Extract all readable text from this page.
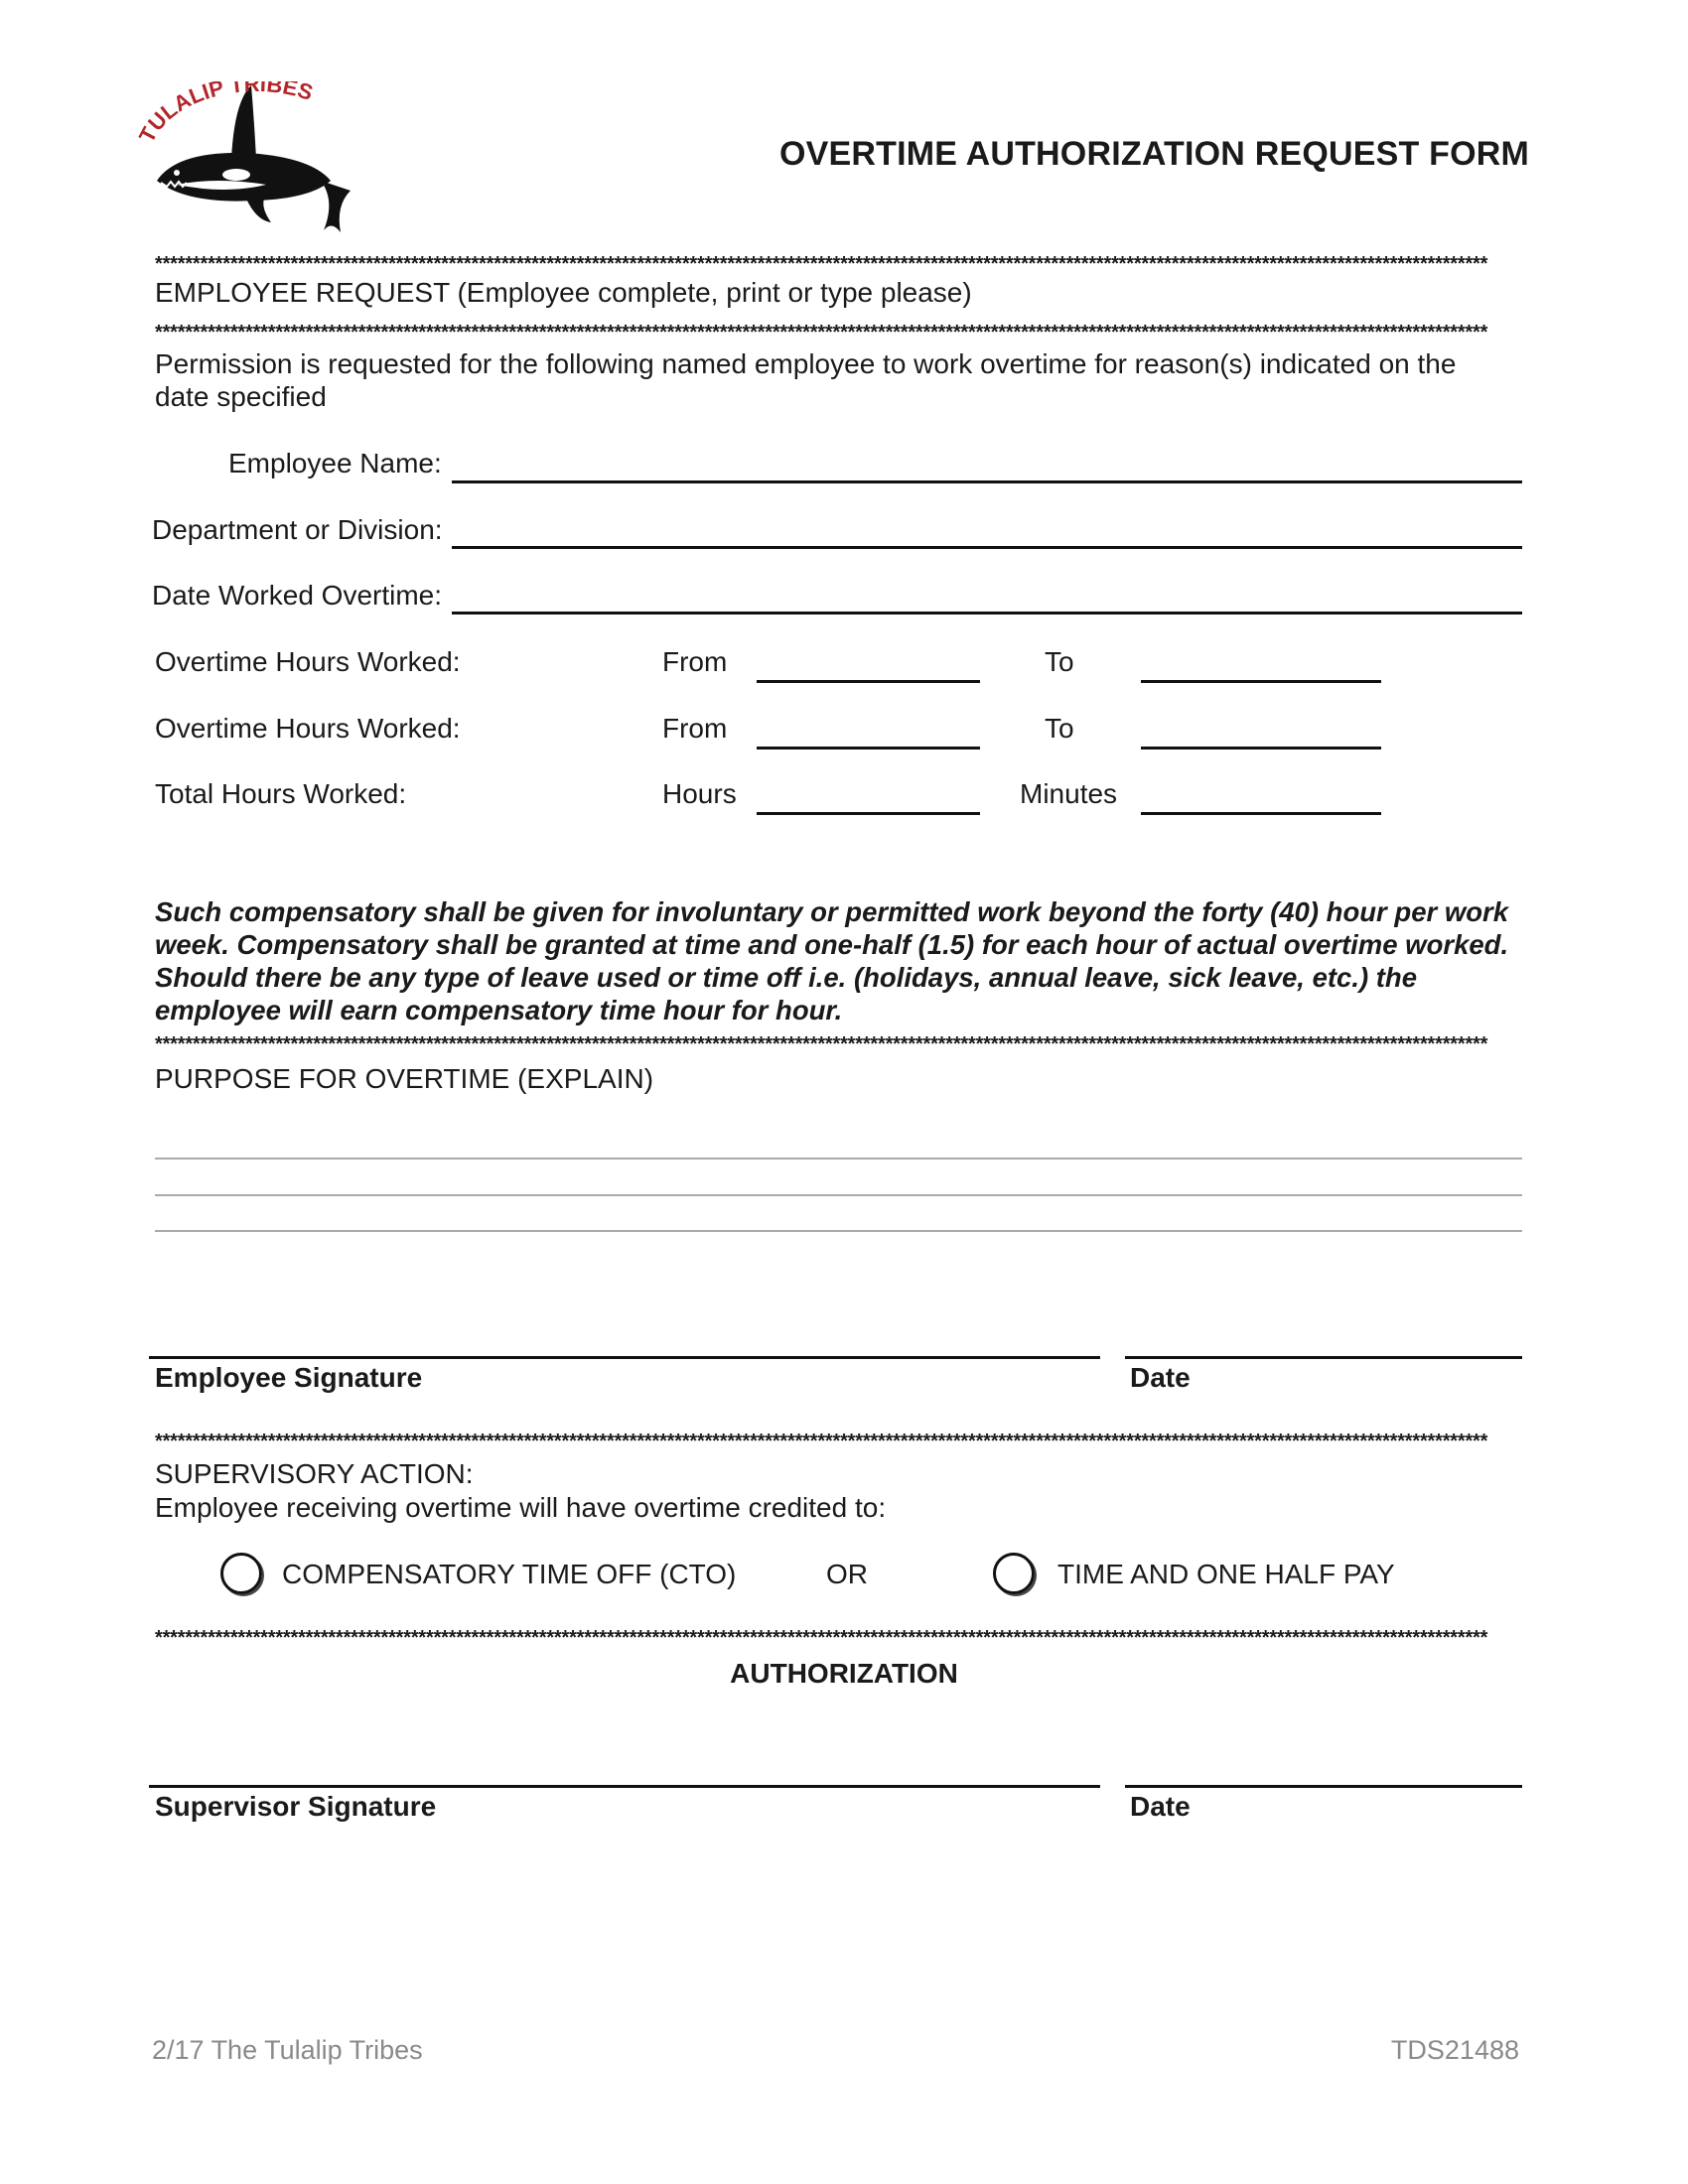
ULALIP TRIBES
OVERTIME AUTHORIZATION REQUEST FORM
*********************************************************************************************************************************************************************************
EMPLOYEE REQUEST (Employee complete, print or type please)
*********************************************************************************************************************************************************************************
Permission is requested for the following named employee to work overtime for reason(s) indicated on the
date specified
Employee Name:
Department or Division:
Date Worked Overtime:
Overtime Hours Worked:	From	To
Overtime Hours Worked:	From	To
Total Hours Worked:	Hours	Minutes
Such compensatory shall be given for involuntary or permitted work beyond the forty (40) hour per work week. Compensatory shall be granted at time and one-half (1.5) for each hour of actual overtime worked. Should there be any type of leave used or time off i.e. (holidays, annual leave, sick leave, etc.) the employee will earn compensatory time hour for hour.
*********************************************************************************************************************************************************************************
PURPOSE FOR OVERTIME (EXPLAIN)
Employee Signature	Date
*********************************************************************************************************************************************************************************
SUPERVISORY ACTION:
Employee receiving overtime will have overtime credited to:
COMPENSATORY TIME OFF (CTO)	OR	TIME AND ONE HALF PAY
*********************************************************************************************************************************************************************************
AUTHORIZATION
Supervisor Signature	Date
2/17 The Tulalip Tribes	TDS21488
